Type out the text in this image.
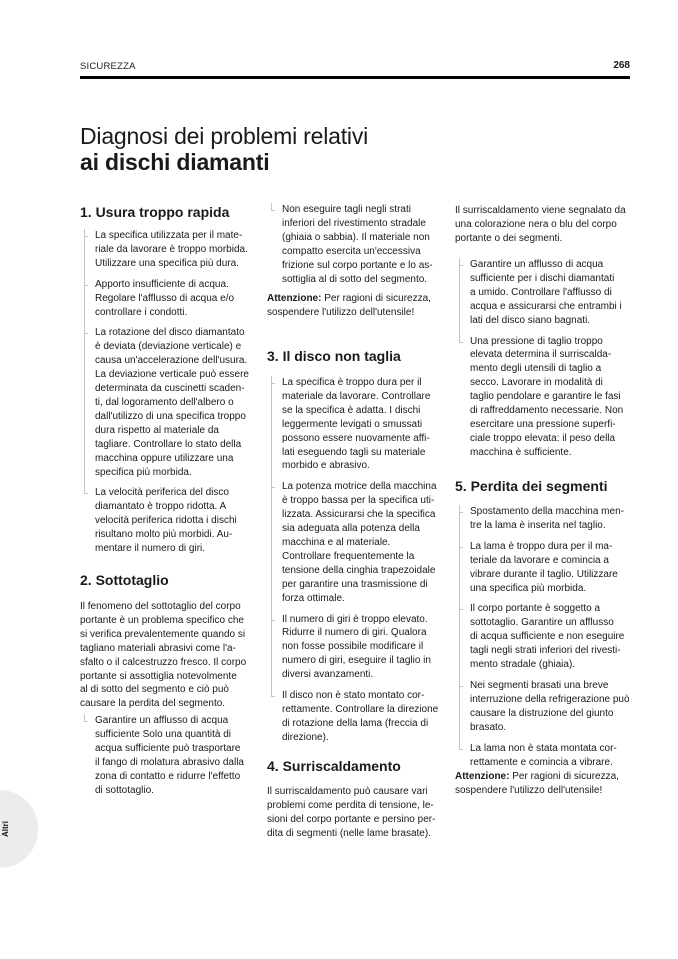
SICUREZZA	268
Diagnosi dei problemi relativi
ai dischi diamanti
1. Usura troppo rapida
La specifica utilizzata per il mate-
riale da lavorare è troppo morbida.
Utilizzare una specifica più dura.
Apporto insufficiente di acqua.
Regolare l'afflusso di acqua e/o
controllare i condotti.
La rotazione del disco diamantato
è deviata (deviazione verticale) e
causa un'accelerazione dell'usura.
La deviazione verticale può essere
determinata da cuscinetti scaden-
ti, dal logoramento dell'albero o
dall'utilizzo di una specifica troppo
dura rispetto al materiale da
tagliare. Controllare lo stato della
macchina oppure utilizzare una
specifica più morbida.
La velocità periferica del disco
diamantato è troppo ridotta. A
velocità periferica ridotta i dischi
risultano molto più morbidi. Au-
mentare il numero di giri.
2. Sottotaglio

Il fenomeno del sottotaglio del corpo
portante è un problema specifico che
si verifica prevalentemente quando si
tagliano materiali abrasivi come l'a-
sfalto o il calcestruzzo fresco. Il corpo
portante si assottiglia notevolmente
al di sotto del segmento e ciò può
causare la perdita del segmento.

Garantire un afflusso di acqua
sufficiente Solo una quantità di
acqua sufficiente può trasportare
il fango di molatura abrasivo dalla
zona di contatto e ridurre l'effetto
di sottotaglio.
Non eseguire tagli negli strati
inferiori del rivestimento stradale
(ghiaia o sabbia). Il materiale non
compatto esercita un'eccessiva
frizione sul corpo portante e lo as-
sottiglia al di sotto del segmento.

Attenzione: Per ragioni di sicurezza,
sospendere l'utilizzo dell'utensile!

3. Il disco non taglia
La specifica è troppo dura per il
materiale da lavorare. Controllare
se la specifica è adatta. I dischi
leggermente levigati o smussati
possono essere nuovamente affi-
lati eseguendo tagli su materiale
morbido e abrasivo.
La potenza motrice della macchina
è troppo bassa per la specifica uti-
lizzata. Assicurarsi che la specifica
sia adeguata alla potenza della
macchina e al materiale.
Controllare frequentemente la
tensione della cinghia trapezoidale
per garantire una trasmissione di
forza ottimale.
Il numero di giri è troppo elevato.
Ridurre il numero di giri. Qualora
non fosse possibile modificare il
numero di giri, eseguire il taglio in
diversi avanzamenti.
Il disco non è stato montato cor-
rettamente. Controllare la direzione
di rotazione della lama (freccia di
direzione).
4. Surriscaldamento

Il surriscaldamento può causare vari
problemi come perdita di tensione, le-
sioni del corpo portante e persino per-
dita di segmenti (nelle lame brasate).

Il surriscaldamento viene segnalato da
una colorazione nera o blu del corpo
portante o dei segmenti.

Garantire un afflusso di acqua
sufficiente per i dischi diamantati
a umido. Controllare l'afflusso di
acqua e assicurarsi che entrambi i
lati del disco siano bagnati.
Una pressione di taglio troppo
elevata determina il surriscalda-
mento degli utensili di taglio a
secco. Lavorare in modalità di
taglio pendolare e garantire le fasi
di raffreddamento necessarie. Non
esercitare una pressione superfi-
ciale troppo elevata: il peso della
macchina è sufficiente.
5. Perdita dei segmenti
Spostamento della macchina men-
tre la lama è inserita nel taglio.
La lama è troppo dura per il ma-
teriale da lavorare e comincia a
vibrare durante il taglio. Utilizzare
una specifica più morbida.
Il corpo portante è soggetto a
sottotaglio. Garantire un afflusso
di acqua sufficiente e non eseguire
tagli negli strati inferiori del rivesti-
mento stradale (ghiaia).
Nei segmenti brasati una breve
interruzione della refrigerazione può
causare la distruzione del giunto
brasato.
La lama non è stata montata cor-
rettamente e comincia a vibrare.

Attenzione: Per ragioni di sicurezza,
sospendere l'utilizzo dell'utensile!

Altri
